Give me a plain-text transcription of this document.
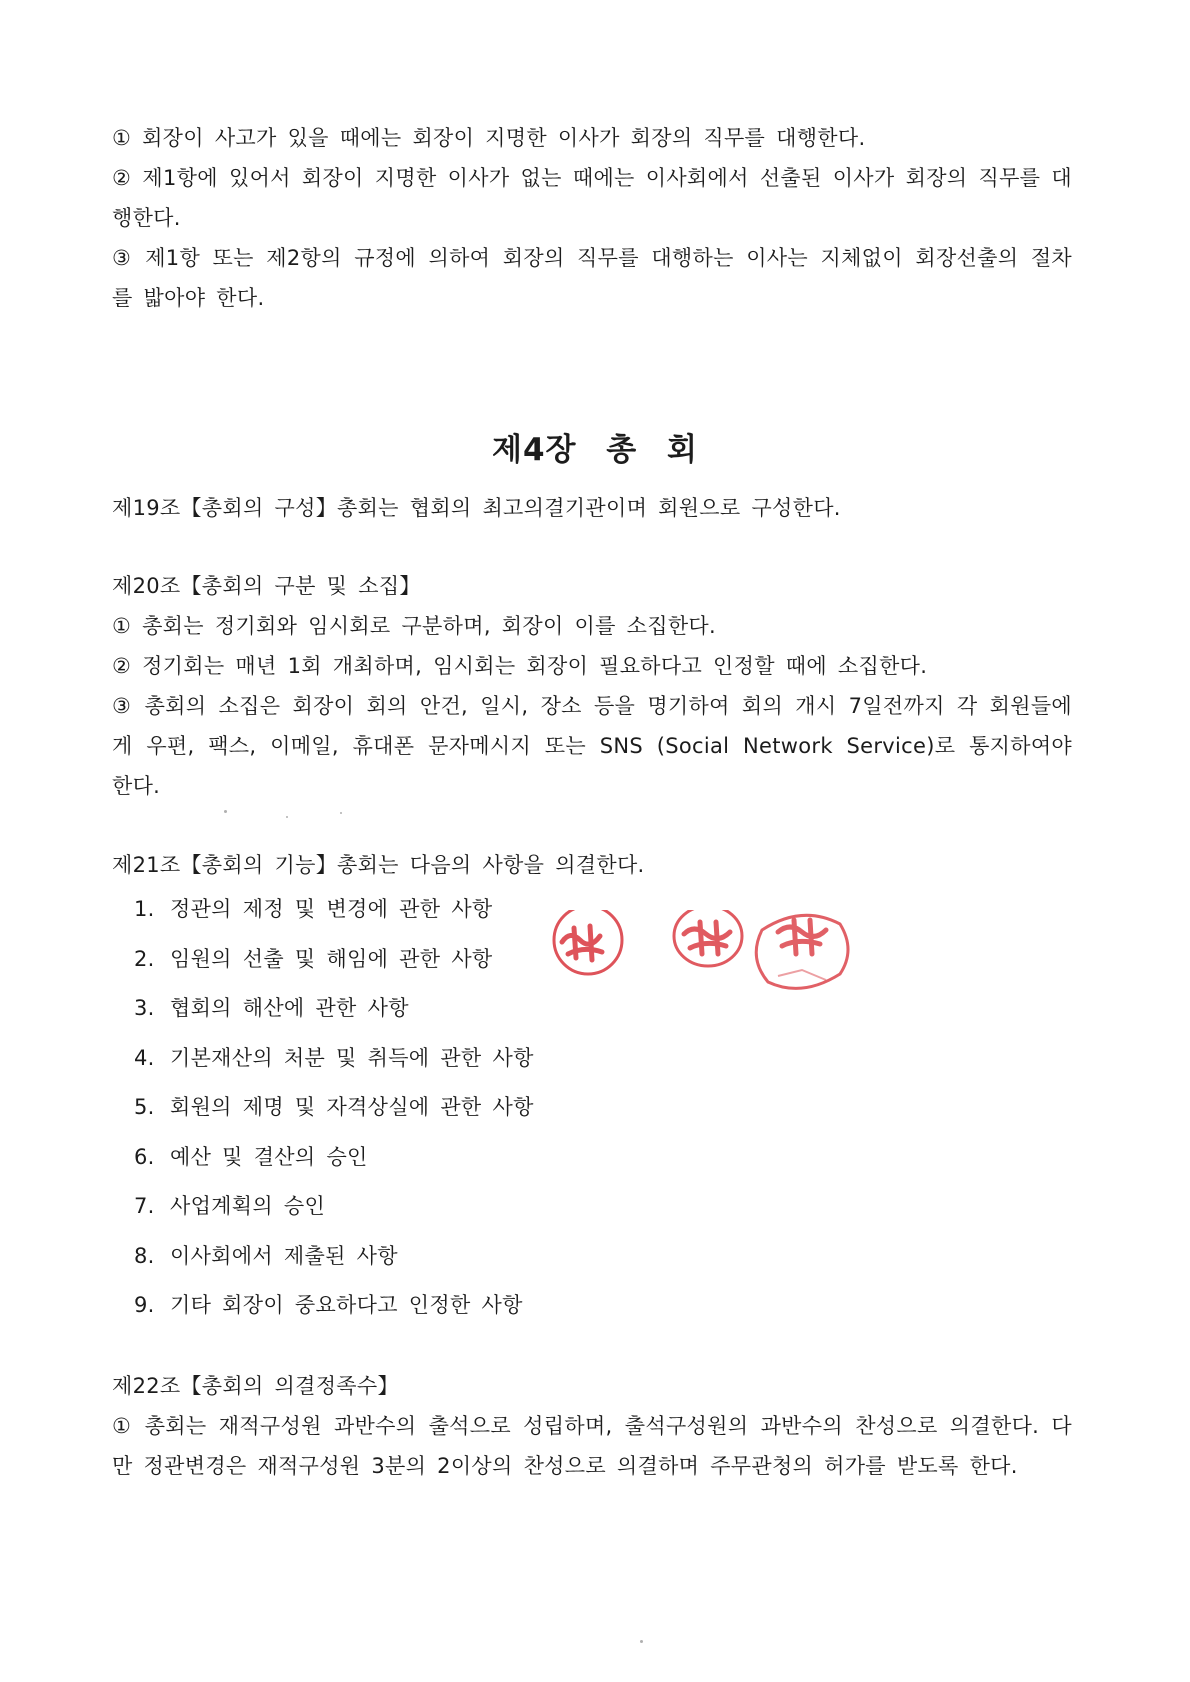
① 회장이 사고가 있을 때에는 회장이 지명한 이사가 회장의 직무를 대행한다.

② 제1항에 있어서 회장이 지명한 이사가 없는 때에는 이사회에서 선출된 이사가 회장의 직무를 대행한다.

③ 제1항 또는 제2항의 규정에 의하여 회장의 직무를 대행하는 이사는 지체없이 회장선출의 절차를 밟아야 한다.

제4장 총 회

제19조【총회의 구성】총회는 협회의 최고의결기관이며 회원으로 구성한다.

제20조【총회의 구분 및 소집】

① 총회는 정기회와 임시회로 구분하며, 회장이 이를 소집한다.

② 정기회는 매년 1회 개최하며, 임시회는 회장이 필요하다고 인정할 때에 소집한다.

③ 총회의 소집은 회장이 회의 안건, 일시, 장소 등을 명기하여 회의 개시 7일전까지 각 회원들에게 우편, 팩스, 이메일, 휴대폰 문자메시지 또는 SNS (Social Network Service)로 통지하여야 한다.

제21조【총회의 기능】총회는 다음의 사항을 의결한다.

1. 정관의 제정 및 변경에 관한 사항
2. 임원의 선출 및 해임에 관한 사항
3. 협회의 해산에 관한 사항
4. 기본재산의 처분 및 취득에 관한 사항
5. 회원의 제명 및 자격상실에 관한 사항
6. 예산 및 결산의 승인
7. 사업계획의 승인
8. 이사회에서 제출된 사항
9. 기타 회장이 중요하다고 인정한 사항

제22조【총회의 의결정족수】

① 총회는 재적구성원 과반수의 출석으로 성립하며, 출석구성원의 과반수의 찬성으로 의결한다. 다만 정관변경은 재적구성원 3분의 2이상의 찬성으로 의결하며 주무관청의 허가를 받도록 한다.
